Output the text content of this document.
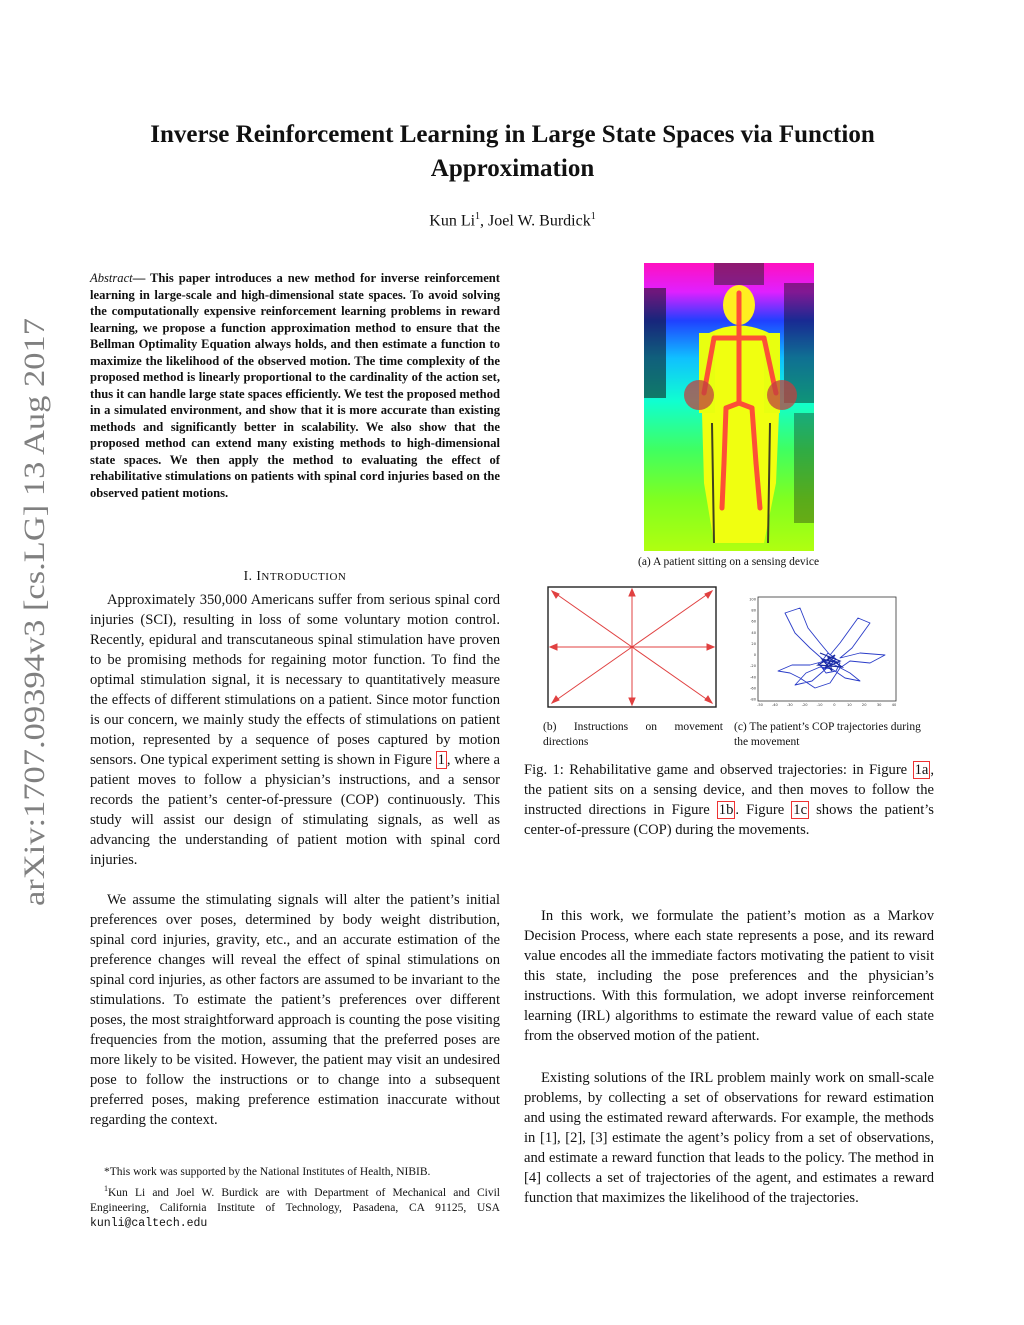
arXiv:1707.09394v3 [cs.LG] 13 Aug 2017
Inverse Reinforcement Learning in Large State Spaces via Function
Approximation
Kun Li$^1$, Joel W. Burdick$^1$
Abstract— This paper introduces a new method for inverse reinforcement learning in large-scale and high-dimensional state spaces. To avoid solving the computationally expensive reinforcement learning problems in reward learning, we propose a function approximation method to ensure that the Bellman Optimality Equation always holds, and then estimate a function to maximize the likelihood of the observed motion. The time complexity of the proposed method is linearly proportional to the cardinality of the action set, thus it can handle large state spaces efficiently. We test the proposed method in a simulated environment, and show that it is more accurate than existing methods and significantly better in scalability. We also show that the proposed method can extend many existing methods to high-dimensional state spaces. We then apply the method to evaluating the effect of rehabilitative stimulations on patients with spinal cord injuries based on the observed patient motions.
I. INTRODUCTION

Approximately 350,000 Americans suffer from serious spinal cord injuries (SCI), resulting in loss of some voluntary motion control. Recently, epidural and transcutaneous spinal stimulation have proven to be promising methods for regaining motor function. To find the optimal stimulation signal, it is necessary to quantitatively measure the effects of different stimulations on a patient. Since motor function is our concern, we mainly study the effects of stimulations on patient motion, represented by a sequence of poses captured by motion sensors. One typical experiment setting is shown in Figure 1 , where a patient moves to follow a physician’s instructions, and a sensor records the patient’s center-of-pressure (COP) continuously. This study will assist our design of stimulating signals, as well as advancing the understanding of patient motion with spinal cord injuries.

We assume the stimulating signals will alter the patient’s initial preferences over poses, determined by body weight distribution, spinal cord injuries, gravity, etc., and an accurate estimation of the preference changes will reveal the effect of spinal stimulations on spinal cord injuries, as other factors are assumed to be invariant to the stimulations. To estimate the patient’s preferences over different poses, the most straightforward approach is counting the pose visiting frequencies from the motion, assuming that the preferred poses are more likely to be visited. However, the patient may visit an undesired pose to follow the instructions or to change into a subsequent preferred poses, making preference estimation inaccurate without regarding the context.

*This work was supported by the National Institutes of Health, NIBIB.

$^1$Kun Li and Joel W. Burdick are with Department of Mechanical and Civil Engineering, California Institute of Technology, Pasadena, CA 91125, USA kunli@caltech.edu

(a) A patient sitting on a sensing device
(b) Instructions on movement directions
100
80
60
40
20
0
-20
-40
-60
-80
-50	-40	-30	-20	-10	0	10	20	30	40
(c) The patient’s COP trajectories during the movement
Fig. 1: Rehabilitative game and observed trajectories: in Figure 1a , the patient sits on a sensing device, and then moves to follow the instructed directions in Figure 1b . Figure 1c shows the patient’s center-of-pressure (COP) during the movements.

In this work, we formulate the patient’s motion as a Markov Decision Process, where each state represents a pose, and its reward value encodes all the immediate factors motivating the patient to visit this state, including the pose preferences and the physician’s instructions. With this formulation, we adopt inverse reinforcement learning (IRL) algorithms to estimate the reward value of each state from the observed motion of the patient.

Existing solutions of the IRL problem mainly work on small-scale problems, by collecting a set of observations for reward estimation and using the estimated reward afterwards. For example, the methods in [1], [2], [3] estimate the agent’s policy from a set of observations, and estimate a reward function that leads to the policy. The method in [4] collects a set of trajectories of the agent, and estimates a reward function that maximizes the likelihood of the trajectories.
